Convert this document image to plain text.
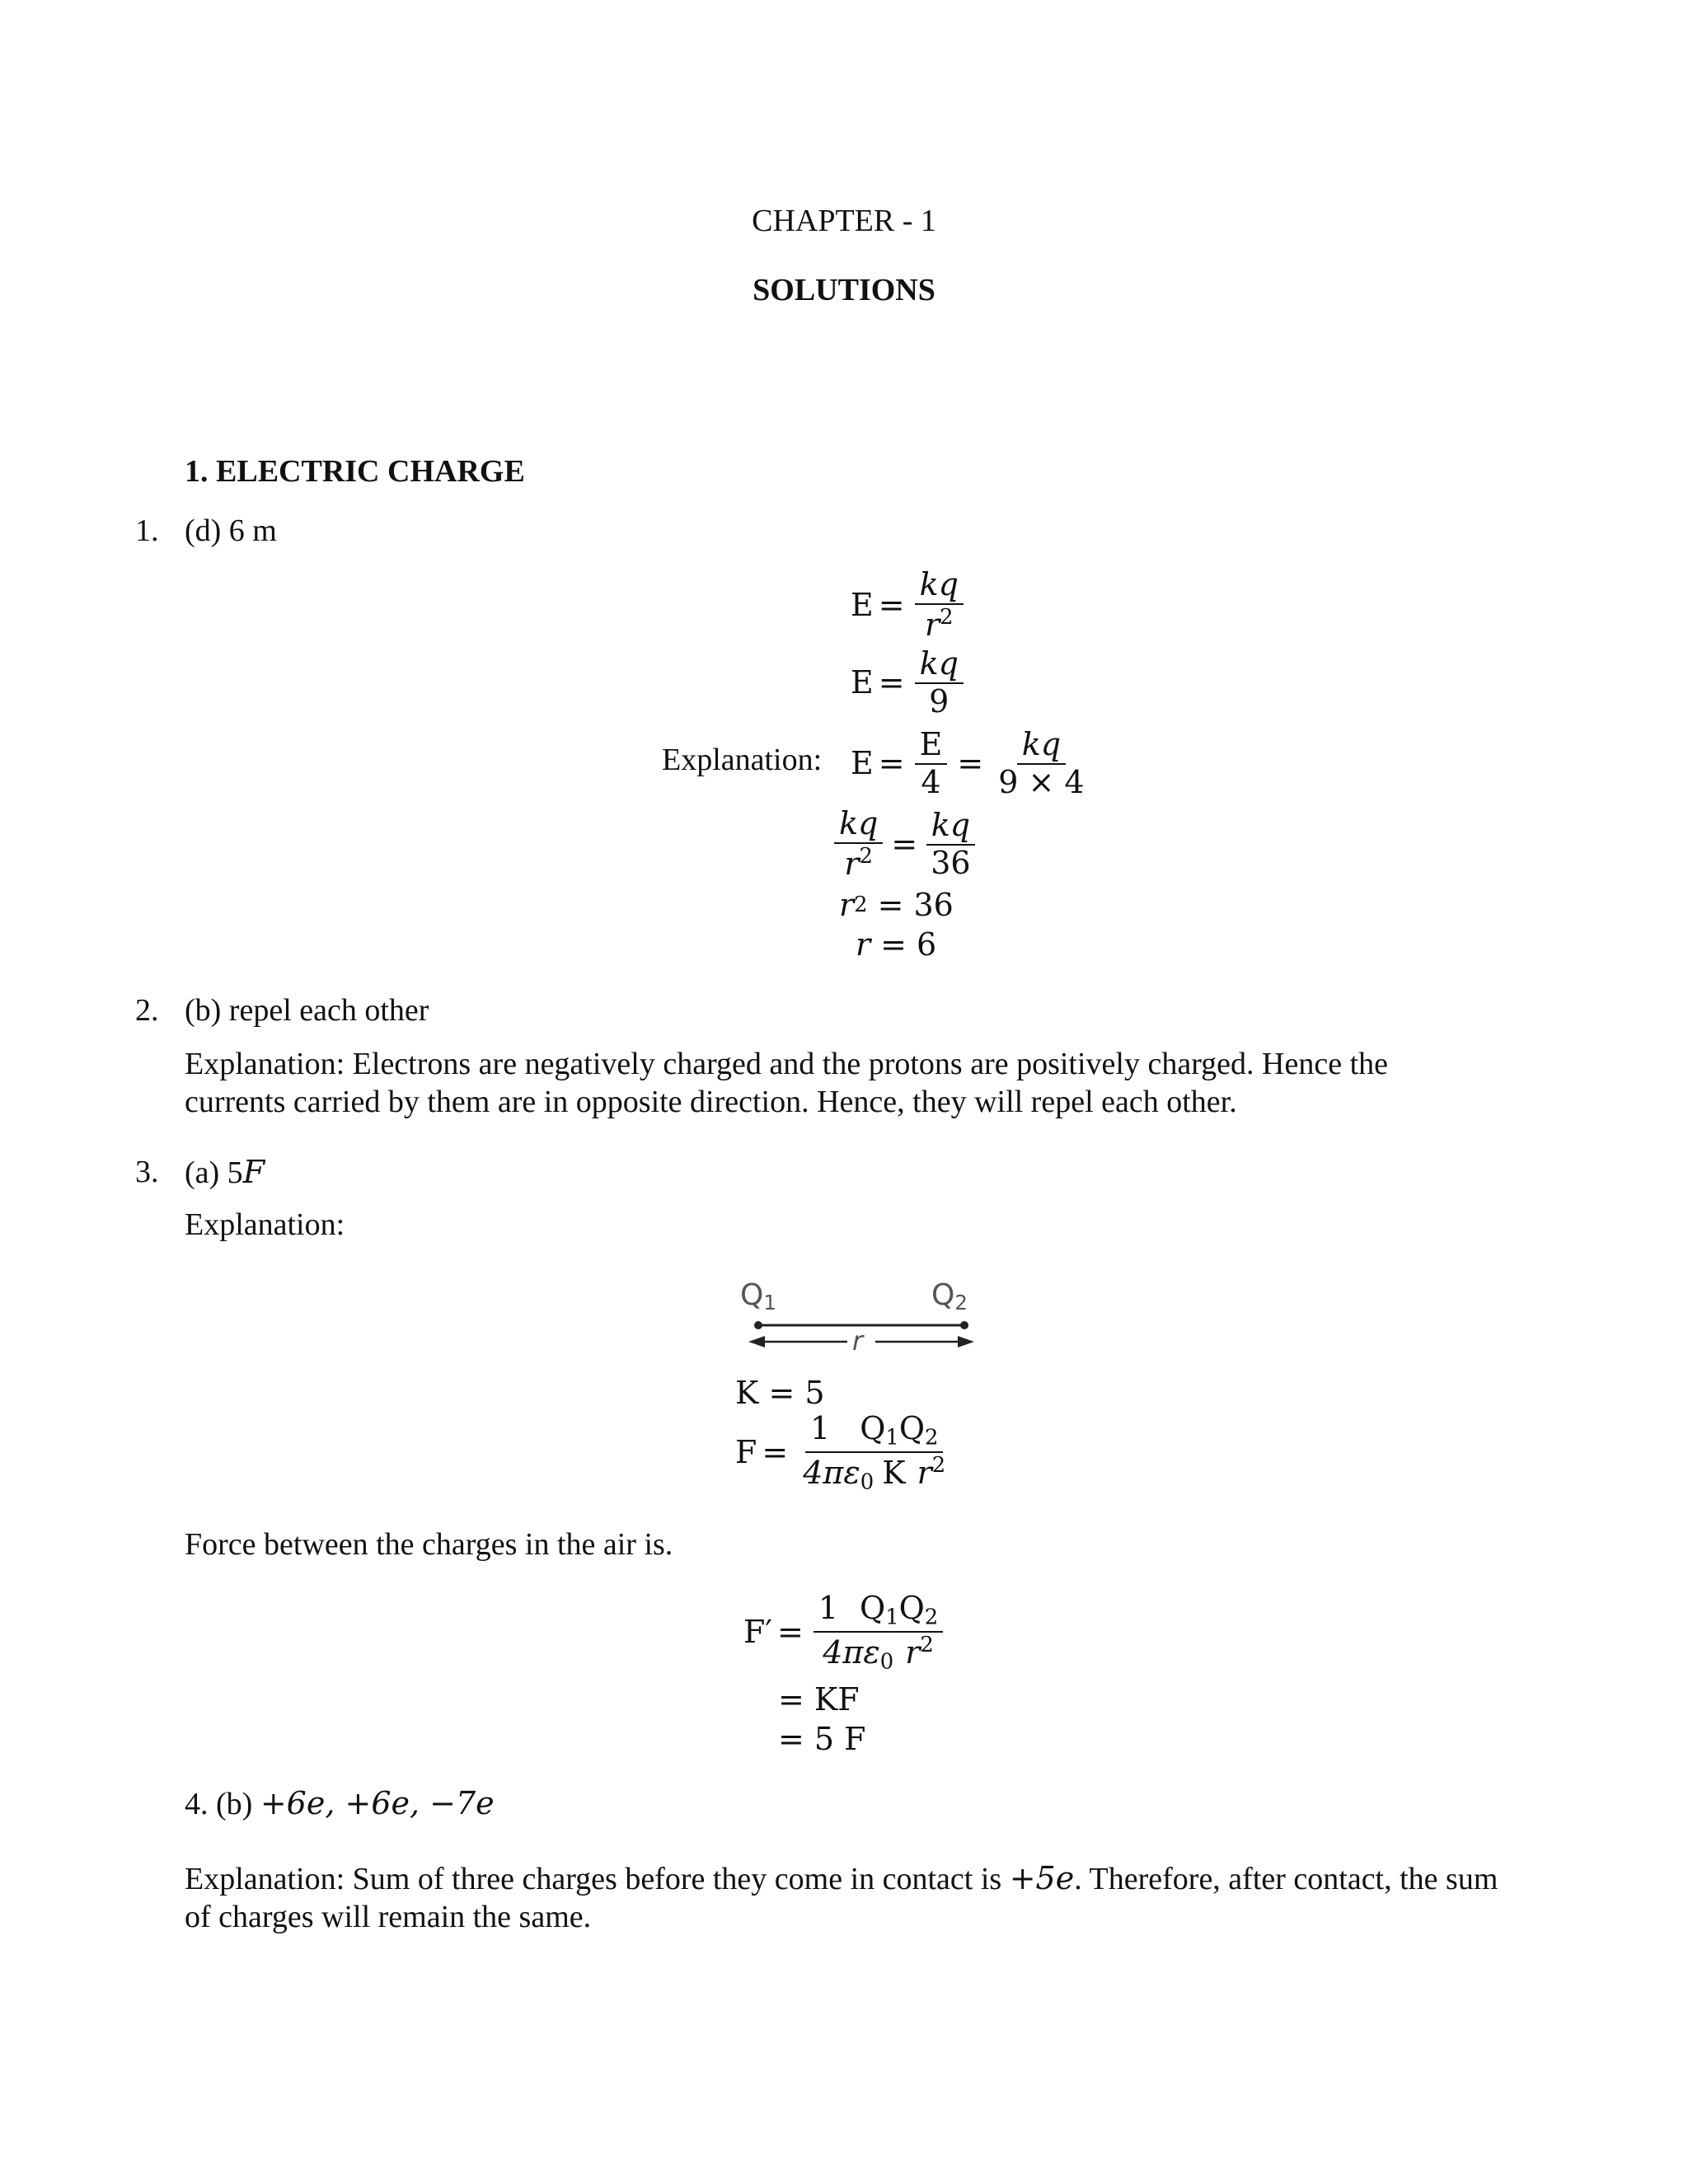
CHAPTER - 1
SOLUTIONS
1. ELECTRIC CHARGE
1. (d) 6 m
$E = \frac{kq}{r^2}$
$E = \frac{kq}{9}$
Explanation: $E = \frac{E}{4} = \frac{kq}{9 \times 4}$
$\frac{kq}{r^2} = \frac{kq}{36}$
r 2 = 36
r = 6
2. (b) repel each other
Explanation: Electrons are negatively charged and the protons are positively charged. Hence the currents carried by them are in opposite direction. Hence, they will repel each other.
3. (a) 5F
Explanation:
$Q_1$	$Q_2$
r
K = 5
$F = \frac{1 Q_1Q_2}{4\pi\varepsilon_0 K r^2}$
Force between the charges in the air is.
$F' = \frac{1 Q_1Q_2}{4\pi\varepsilon_0 r^2}$
= KF
= 5 F
4. (b) +6e, +6e, −7e
Explanation: Sum of three charges before they come in contact is +5e. Therefore, after contact, the sum of charges will remain the same.
